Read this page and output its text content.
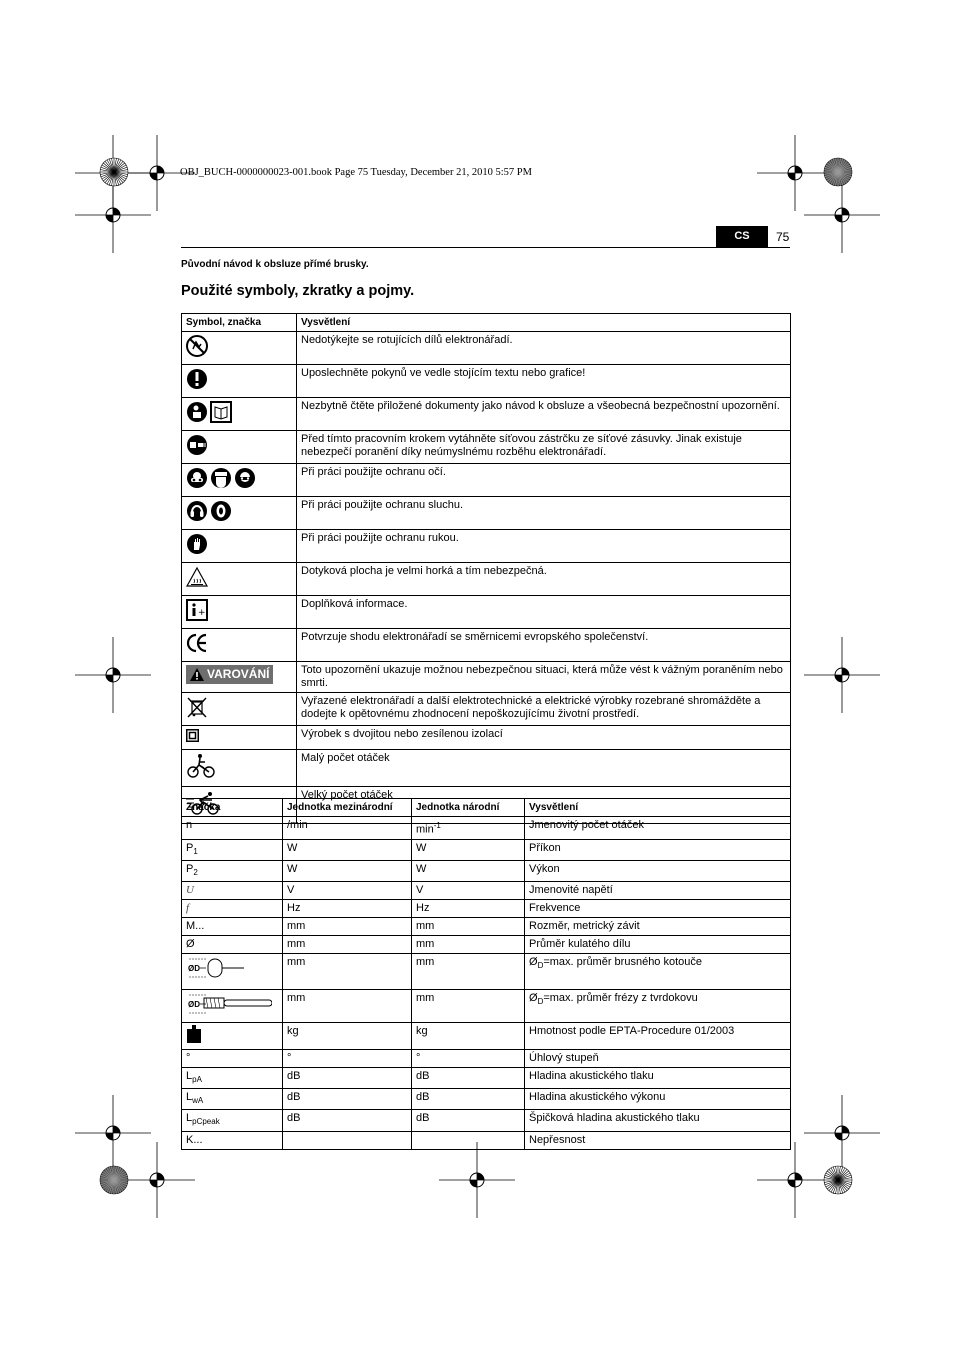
OBJ_BUCH-0000000023-001.book Page 75 Tuesday, December 21, 2010 5:57 PM
CS	75
Původní návod k obsluze přímé brusky.
Použité symboly, zkratky a pojmy.
Symbol, značka	Vysvětlení
	Nedotýkejte se rotujících dílů elektronářadí.
	Uposlechněte pokynů ve vedle stojícím textu nebo grafice!
	Nezbytně čtěte přiložené dokumenty jako návod k obsluze a všeobecná bezpečnostní upozornění.
	Před tímto pracovním krokem vytáhněte síťovou zástrčku ze síťové zásuvky. Jinak existuje nebezpečí poranění díky neúmyslnému rozběhu elektronářadí.
	Při práci použijte ochranu očí.
	Při práci použijte ochranu sluchu.
	Při práci použijte ochranu rukou.
	Dotyková plocha je velmi horká a tím nebezpečná.

+	Doplňková informace.
	Potvrzuje shodu elektronářadí se směrnicemi evropského společenství.

VAROVÁNÍ	Toto upozornění ukazuje možnou nebezpečnou situaci, která může vést k vážným poraněním nebo smrti.
	Vyřazené elektronářadí a další elektrotechnické a elektrické výrobky rozebrané shromážděte a dodejte k opětovnému zhodnocení nepoškozujícímu životní prostředí.
	Výrobek s dvojitou nebo zesílenou izolací
	Malý počet otáček
	Velký počet otáček
Značka	Jednotka mezinárodní	Jednotka národní	Vysvětlení
n	/min	$\min^{-1}$	Jmenovitý počet otáček
$P_1$	W	W	Příkon
$P_2$	W	W	Výkon
U	V	V	Jmenovité napětí
f	Hz	Hz	Frekvence
M...	mm	mm	Rozměr, metrický závit
Ø	mm	mm	Průměr kulatého dílu

ØD	mm	mm	$Ø_D=\max$. průměr brusného kotouče

ØD	mm	mm	$Ø_D=\max$. průměr frézy z tvrdokovu
	kg	kg	Hmotnost podle EPTA-Procedure 01/2003
°	°	°	Úhlový stupeň
$L_{pA}$	dB	dB	Hladina akustického tlaku
$L_{wA}$	dB	dB	Hladina akustického výkonu
$L_{pCpeak}$	dB	dB	Špičková hladina akustického tlaku
K...			Nepřesnost
